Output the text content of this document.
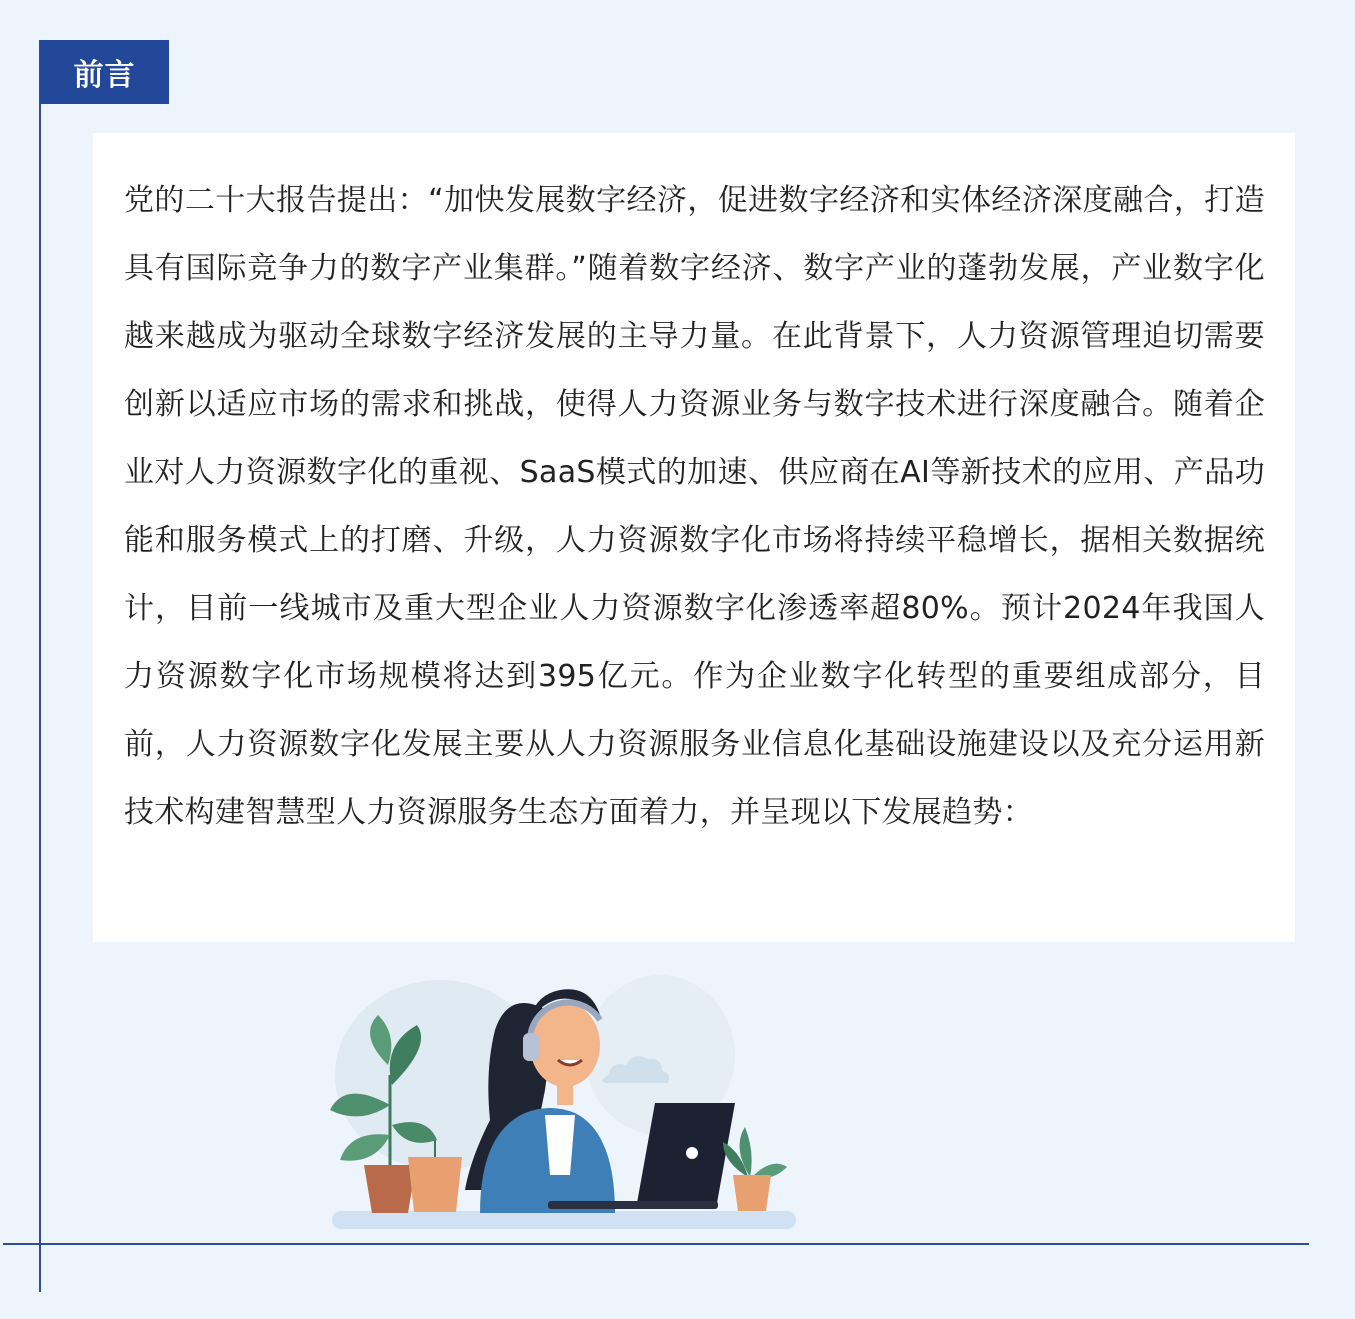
前言

党的二十大报告提出：“加快发展数字经济，促进数字经济和实体经济深度融合，打造具有国际竞争力的数字产业集群。”随着数字经济、数字产业的蓬勃发展，产业数字化越来越成为驱动全球数字经济发展的主导力量。在此背景下，人力资源管理迫切需要创新以适应市场的需求和挑战，使得人力资源业务与数字技术进行深度融合。随着企业对人力资源数字化的重视、SaaS模式的加速、供应商在AI等新技术的应用、产品功能和服务模式上的打磨、升级，人力资源数字化市场将持续平稳增长，据相关数据统计，目前一线城市及重大型企业人力资源数字化渗透率超80%。预计2024年我国人力资源数字化市场规模将达到395亿元。作为企业数字化转型的重要组成部分，目前，人力资源数字化发展主要从人力资源服务业信息化基础设施建设以及充分运用新技术构建智慧型人力资源服务生态方面着力，并呈现以下发展趋势：
